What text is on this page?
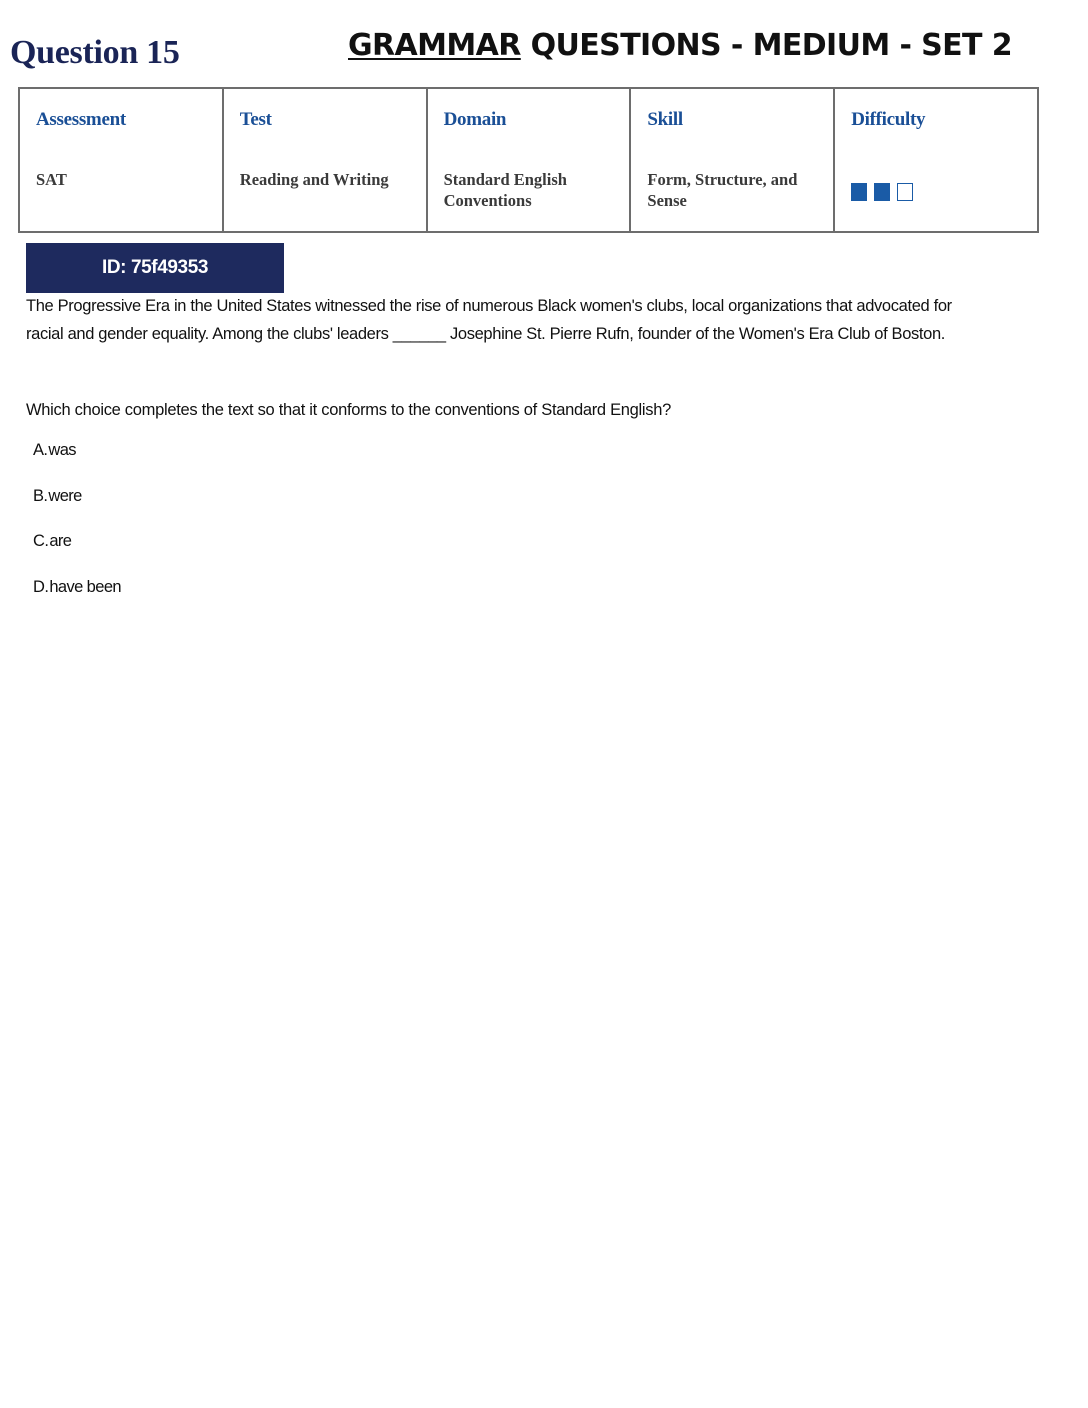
Question 15	GRAMMAR QUESTIONS - MEDIUM - SET 2
Assessment
SAT
Test
Reading and Writing
Domain
Standard English Conventions
Skill
Form, Structure, and Sense
Difficulty
ID: 75f49353
The Progressive Era in the United States witnessed the rise of numerous Black women's clubs, local organizations that advocated for racial and gender equality. Among the clubs' leaders ______ Josephine St. Pierre Rufn, founder of the Women's Era Club of Boston.
Which choice completes the text so that it conforms to the conventions of Standard English?
A.was
B.were
C.are
D.have been
